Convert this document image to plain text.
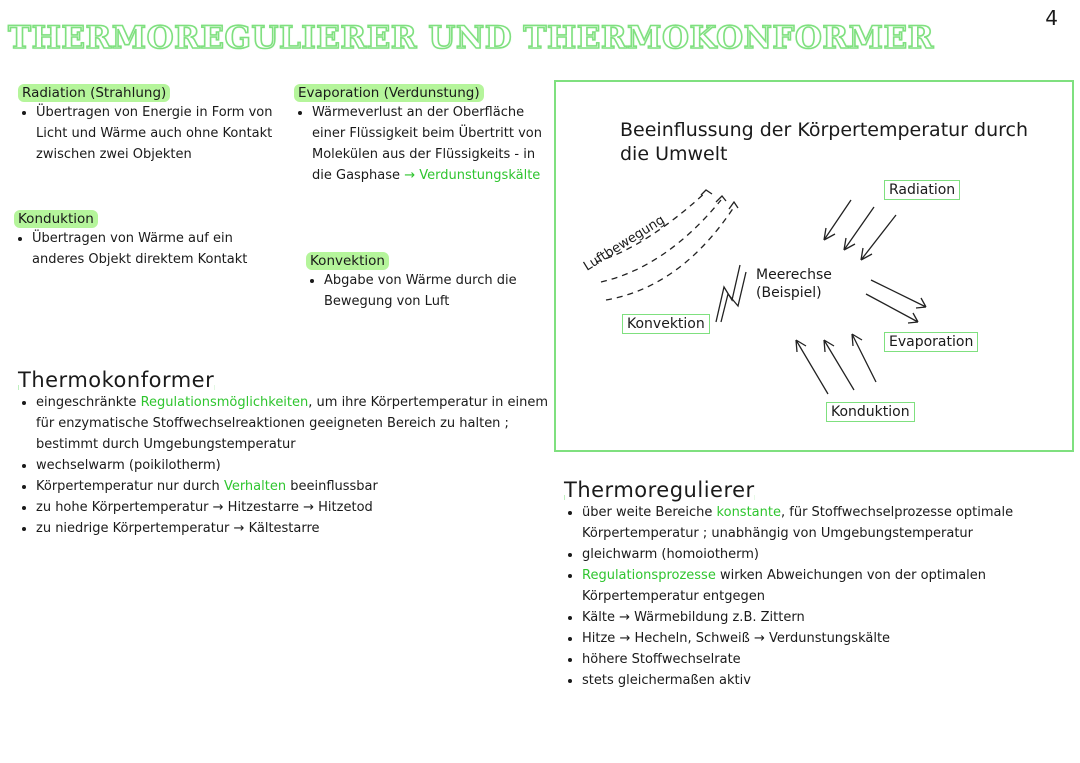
THERMOREGULIERER UND THERMOKONFORMER
4
Radiation (Strahlung)
• Übertragen von Energie in Form von Licht und Wärme auch ohne Kontakt zwischen zwei Objekten
Konduktion
• Übertragen von Wärme auf ein anderes Objekt direktem Kontakt
Evaporation (Verdunstung)
• Wärmeverlust an der Oberfläche einer Flüssigkeit beim Übertritt von Molekülen aus der Flüssigkeits - in die Gasphase → Verdunstungskälte
Konvektion
• Abgabe von Wärme durch die Bewegung von Luft
Thermokonformer
• eingeschränkte Regulationsmöglichkeiten, um ihre Körpertemperatur in einem für enzymatische Stoffwechselreaktionen geeigneten Bereich zu halten ; bestimmt durch Umgebungstemperatur
• wechselwarm (poikilotherm)
• Körpertemperatur nur durch Verhalten beeinflussbar
• zu hohe Körpertemperatur → Hitzestarre → Hitzetod
• zu niedrige Körpertemperatur → Kältestarre
Beeinflussung der Körpertemperatur durch die Umwelt
Luftbewegung
Meerechse
(Beispiel)
Radiation
Konvektion
Evaporation
Konduktion
Thermoregulierer
• über weite Bereiche konstante, für Stoffwechselprozesse optimale Körpertemperatur ; unabhängig von Umgebungstemperatur
• gleichwarm (homoiotherm)
• Regulationsprozesse wirken Abweichungen von der optimalen Körpertemperatur entgegen
• Kälte → Wärmebildung z.B. Zittern
• Hitze → Hecheln, Schweiß → Verdunstungskälte
• höhere Stoffwechselrate
• stets gleichermaßen aktiv
